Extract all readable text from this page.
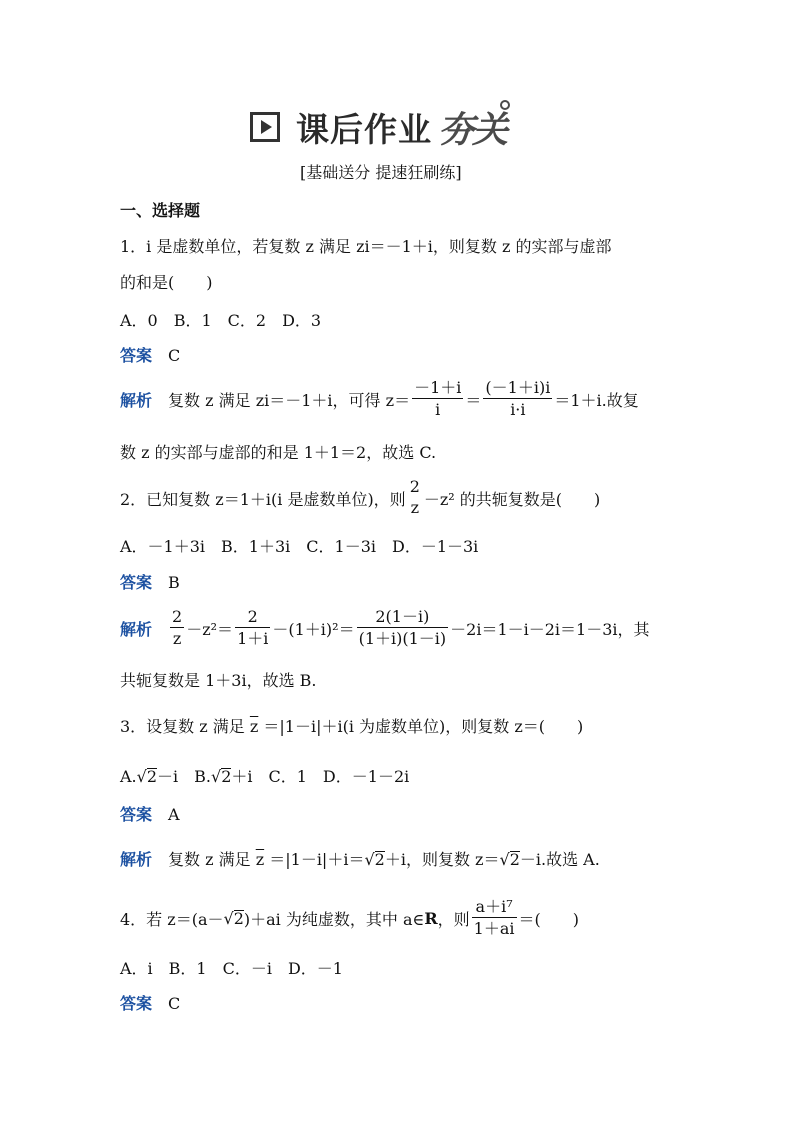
课后作业 夯关
[基础送分 提速狂刷练]
一、选择题
1．i 是虚数单位，若复数 z 满足 zi＝－1＋i，则复数 z 的实部与虚部
的和是(　　)
A．0　B．1　C．2　D．3
答案 C
解析 复数 z 满足 zi＝－1＋i，可得 $z= \frac{-1+i}{i} = \frac{(-1+i)i}{i\cdot i} =1+i$.故复
数 z 的实部与虚部的和是 1＋1＝2，故选 C.
2．已知复数 z＝1＋i(i 是虚数单位)，则
2
z －z² 的共轭复数是(　　)
A．－1＋3i　B．1＋3i　C．1－3i　D．－1－3i
答案 B
解析 $\frac{2}{z} -z^2= \frac{2}{1+i} -(1+i)^2= \frac{2(1-i)}{(1+i)(1-i)} -2i=1-i-2i=1-3i$，其
共轭复数是 1＋3i，故选 B.
3．设复数 z 满足 $\overline{z} =|1-i|+i(i$ 为虚数单位)，则复数 z＝(　　)
A.√2－i　B.√2＋i　C．1　D．－1－2i
答案 A
解析 复数 z 满足 $\overline{z} =|1-i|+i=√2+i$，则复数 z＝√2－i.故选 A.
4．若 z＝(a－ √ 2 )＋ai 为纯虚数，其中 a∈ R ，则 $\frac{\text{a＋i⁷}}{1+ai}$ ＝(　　)
A．i　B．1　C．－i　D．－1
答案 C
